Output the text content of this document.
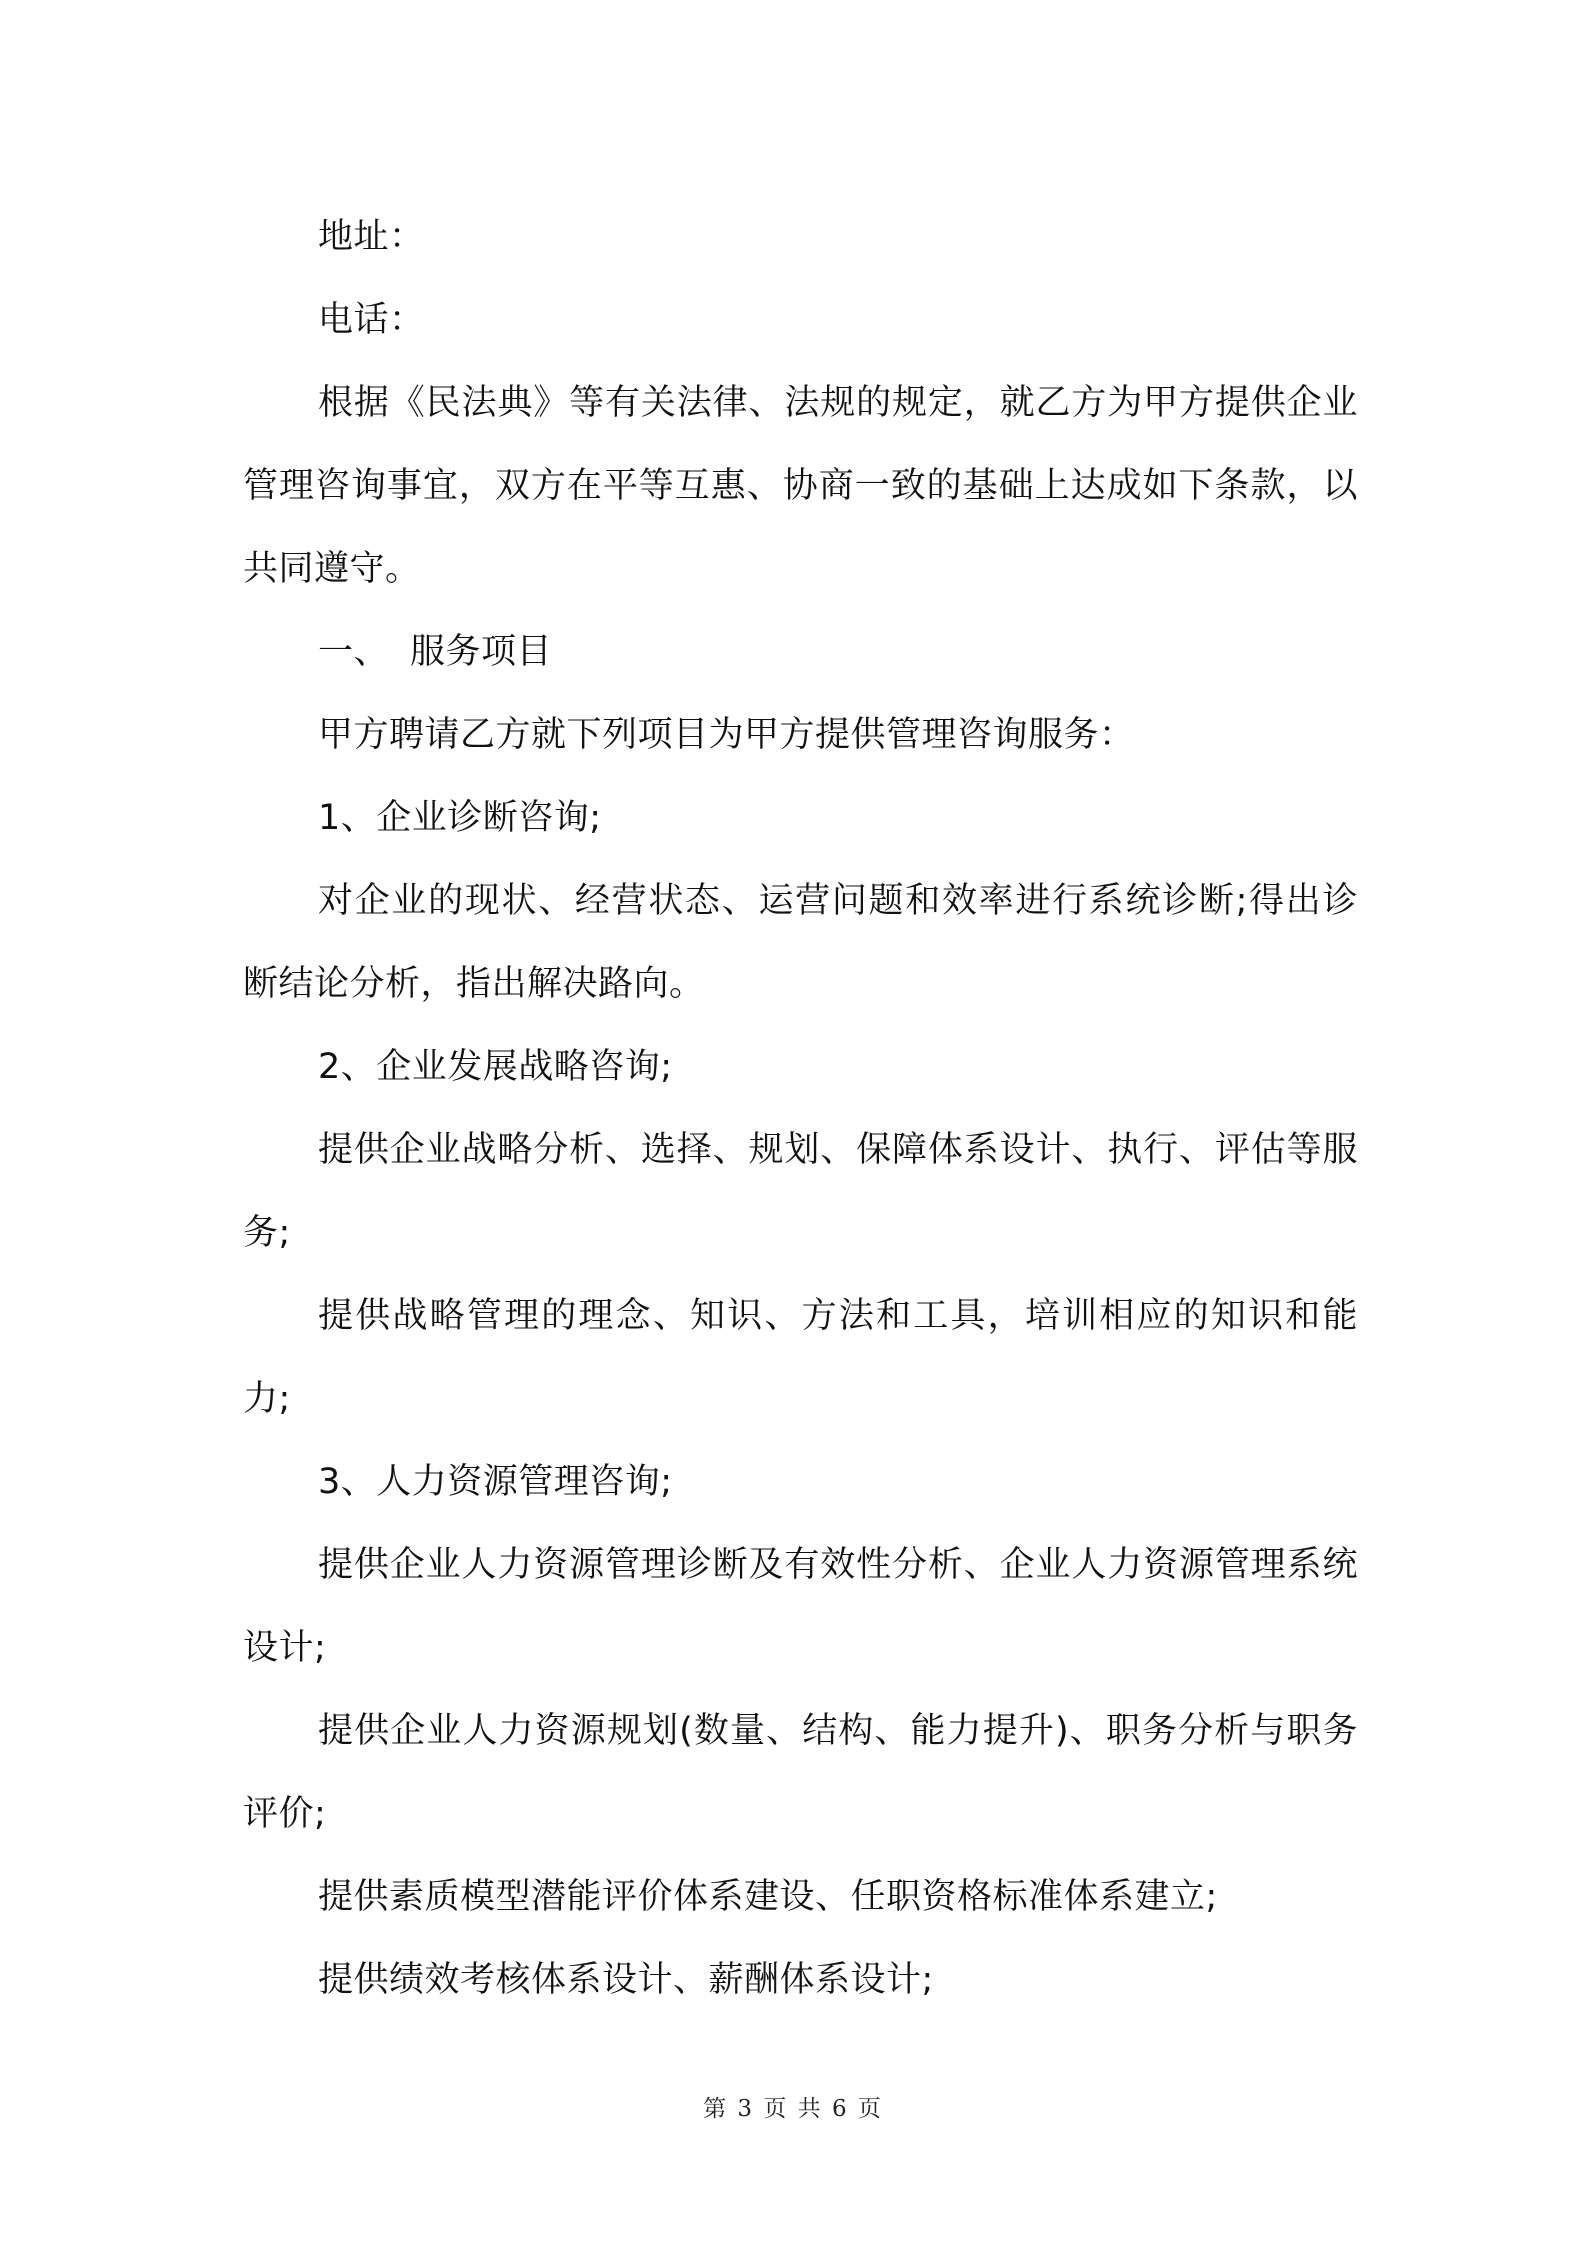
地址：

电话：

根据《民法典》等有关法律、法规的规定，就乙方为甲方提供企业管理咨询事宜，双方在平等互惠、协商一致的基础上达成如下条款，以共同遵守。

一、 服务项目

甲方聘请乙方就下列项目为甲方提供管理咨询服务：

1、企业诊断咨询;

对企业的现状、经营状态、运营问题和效率进行系统诊断;得出诊断结论分析，指出解决路向。

2、企业发展战略咨询;

提供企业战略分析、选择、规划、保障体系设计、执行、评估等服务;

提供战略管理的理念、知识、方法和工具，培训相应的知识和能力;

3、人力资源管理咨询;

提供企业人力资源管理诊断及有效性分析、企业人力资源管理系统设计;

提供企业人力资源规划(数量、结构、能力提升)、职务分析与职务评价;

提供素质模型潜能评价体系建设、任职资格标准体系建立;

提供绩效考核体系设计、薪酬体系设计;

第 3 页 共 6 页
